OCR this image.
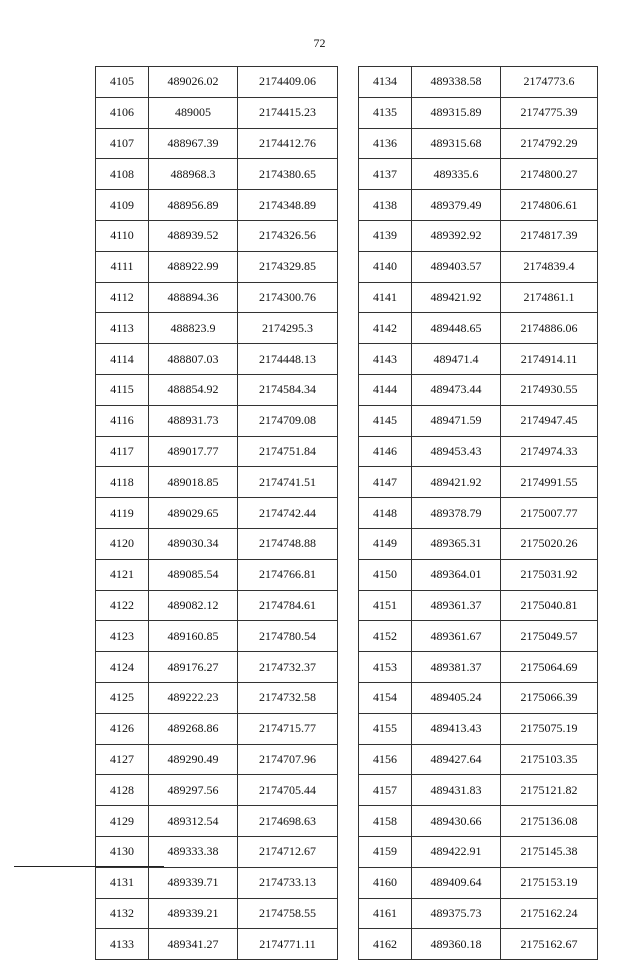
72
4105	489026.02	2174409.06
4106	489005	2174415.23
4107	488967.39	2174412.76
4108	488968.3	2174380.65
4109	488956.89	2174348.89
4110	488939.52	2174326.56
4111	488922.99	2174329.85
4112	488894.36	2174300.76
4113	488823.9	2174295.3
4114	488807.03	2174448.13
4115	488854.92	2174584.34
4116	488931.73	2174709.08
4117	489017.77	2174751.84
4118	489018.85	2174741.51
4119	489029.65	2174742.44
4120	489030.34	2174748.88
4121	489085.54	2174766.81
4122	489082.12	2174784.61
4123	489160.85	2174780.54
4124	489176.27	2174732.37
4125	489222.23	2174732.58
4126	489268.86	2174715.77
4127	489290.49	2174707.96
4128	489297.56	2174705.44
4129	489312.54	2174698.63
4130	489333.38	2174712.67
4131	489339.71	2174733.13
4132	489339.21	2174758.55
4133	489341.27	2174771.11
4134	489338.58	2174773.6
4135	489315.89	2174775.39
4136	489315.68	2174792.29
4137	489335.6	2174800.27
4138	489379.49	2174806.61
4139	489392.92	2174817.39
4140	489403.57	2174839.4
4141	489421.92	2174861.1
4142	489448.65	2174886.06
4143	489471.4	2174914.11
4144	489473.44	2174930.55
4145	489471.59	2174947.45
4146	489453.43	2174974.33
4147	489421.92	2174991.55
4148	489378.79	2175007.77
4149	489365.31	2175020.26
4150	489364.01	2175031.92
4151	489361.37	2175040.81
4152	489361.67	2175049.57
4153	489381.37	2175064.69
4154	489405.24	2175066.39
4155	489413.43	2175075.19
4156	489427.64	2175103.35
4157	489431.83	2175121.82
4158	489430.66	2175136.08
4159	489422.91	2175145.38
4160	489409.64	2175153.19
4161	489375.73	2175162.24
4162	489360.18	2175162.67
